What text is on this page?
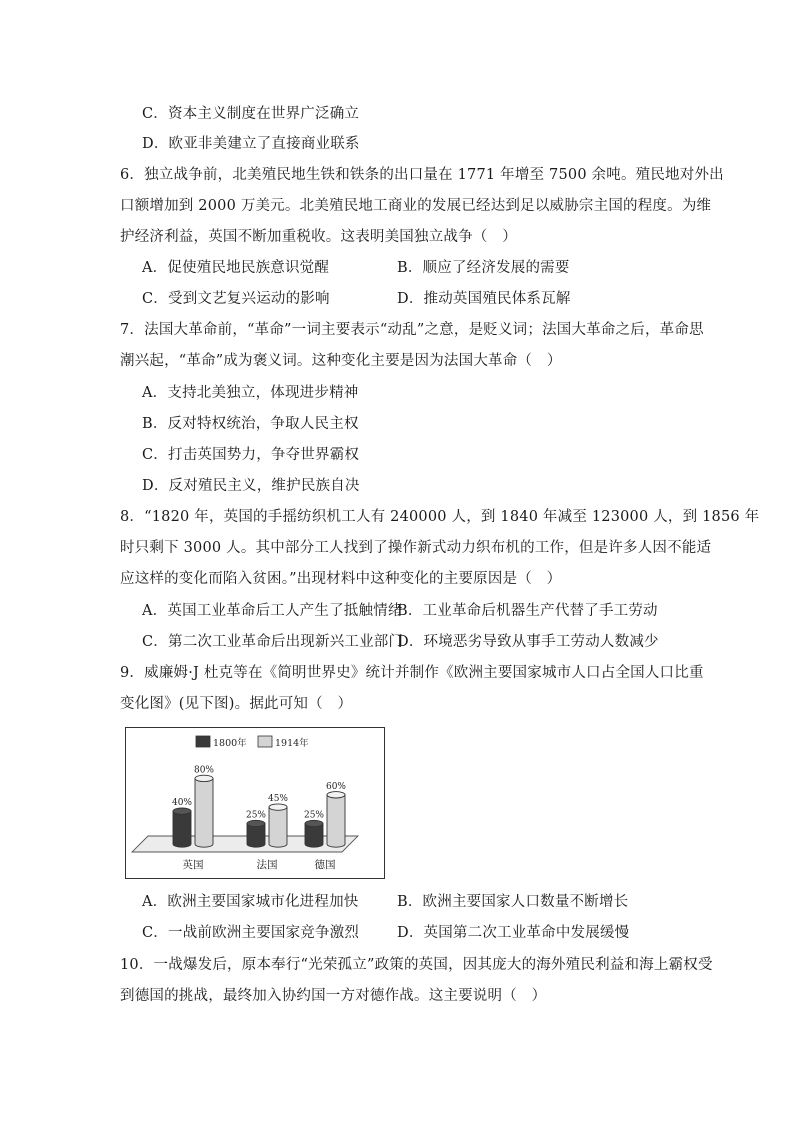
C．资本主义制度在世界广泛确立
D．欧亚非美建立了直接商业联系
6．独立战争前，北美殖民地生铁和铁条的出口量在 1771 年增至 7500 余吨。殖民地对外出
口额增加到 2000 万美元。北美殖民地工商业的发展已经达到足以威胁宗主国的程度。为维
护经济利益，英国不断加重税收。这表明美国独立战争（　）
A．促使殖民地民族意识觉醒	B．顺应了经济发展的需要
C．受到文艺复兴运动的影响	D．推动英国殖民体系瓦解
7．法国大革命前，“革命”一词主要表示“动乱”之意，是贬义词；法国大革命之后，革命思
潮兴起，“革命”成为褒义词。这种变化主要是因为法国大革命（　）
A．支持北美独立，体现进步精神
B．反对特权统治，争取人民主权
C．打击英国势力，争夺世界霸权
D．反对殖民主义，维护民族自决
8．“1820 年，英国的手摇纺织机工人有 240000 人，到 1840 年减至 123000 人，到 1856 年
时只剩下 3000 人。其中部分工人找到了操作新式动力织布机的工作，但是许多人因不能适
应这样的变化而陷入贫困。”出现材料中这种变化的主要原因是（　）
A．英国工业革命后工人产生了抵触情绪
B．工业革命后机器生产代替了手工劳动
C．第二次工业革命后出现新兴工业部门
D．环境恶劣导致从事手工劳动人数减少
9．威廉姆·J 杜克等在《简明世界史》统计并制作《欧洲主要国家城市人口占全国人口比重
变化图》(见下图)。据此可知（　）
1800年	1914年
40%
80%
英国
25%
45%
法国
25%
60%
德国
A．欧洲主要国家城市化进程加快	B．欧洲主要国家人口数量不断增长
C．一战前欧洲主要国家竞争激烈	D．英国第二次工业革命中发展缓慢
10．一战爆发后，原本奉行“光荣孤立”政策的英国，因其庞大的海外殖民利益和海上霸权受
到德国的挑战，最终加入协约国一方对德作战。这主要说明（　）
